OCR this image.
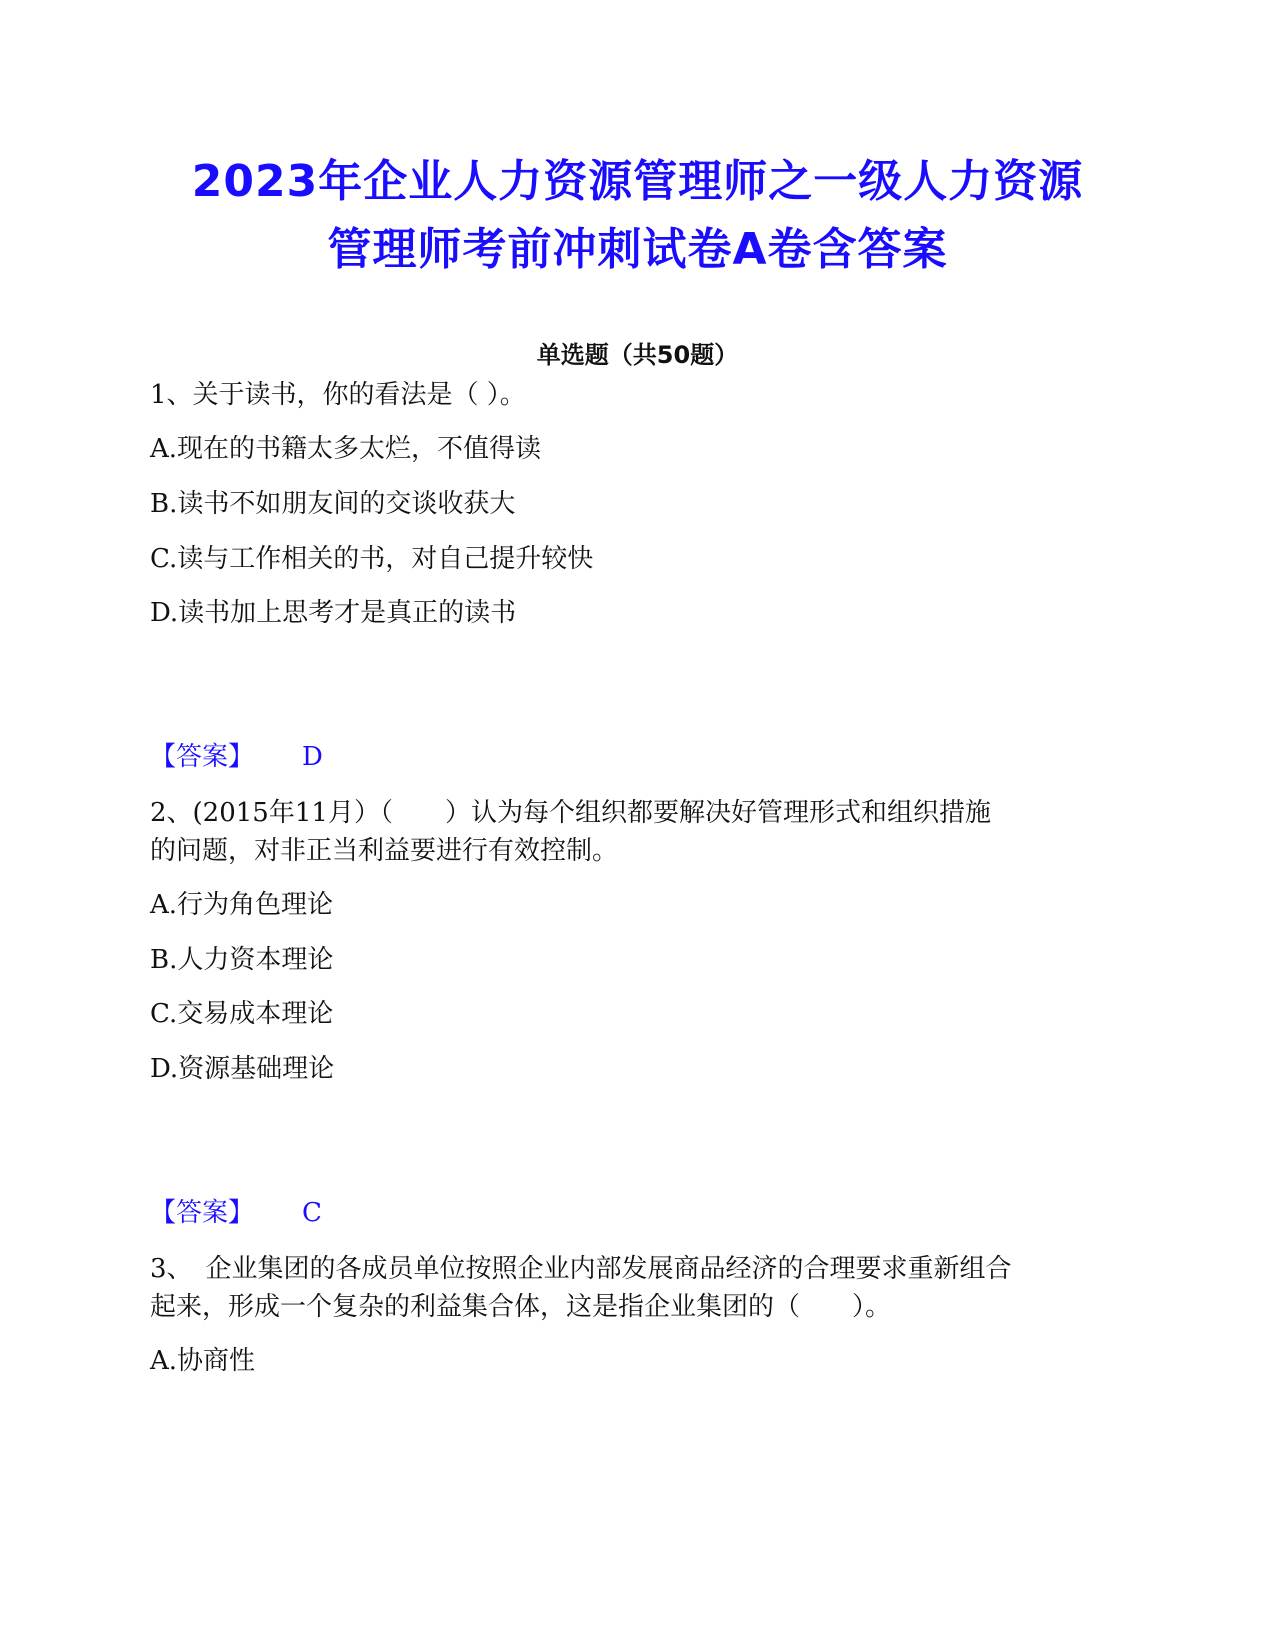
2023年企业人力资源管理师之一级人力资源
管理师考前冲刺试卷A卷含答案
单选题（共50题）
1、关于读书，你的看法是（ ）。
A.现在的书籍太多太烂，不值得读
B.读书不如朋友间的交谈收获大
C.读与工作相关的书，对自己提升较快
D.读书加上思考才是真正的读书
【答案】 D
2、(2015年11月）（　　）认为每个组织都要解决好管理形式和组织措施
的问题，对非正当利益要进行有效控制。
A.行为角色理论
B.人力资本理论
C.交易成本理论
D.资源基础理论
【答案】 C
3、　企业集团的各成员单位按照企业内部发展商品经济的合理要求重新组合
起来，形成一个复杂的利益集合体，这是指企业集团的（　　）。
A.协商性
